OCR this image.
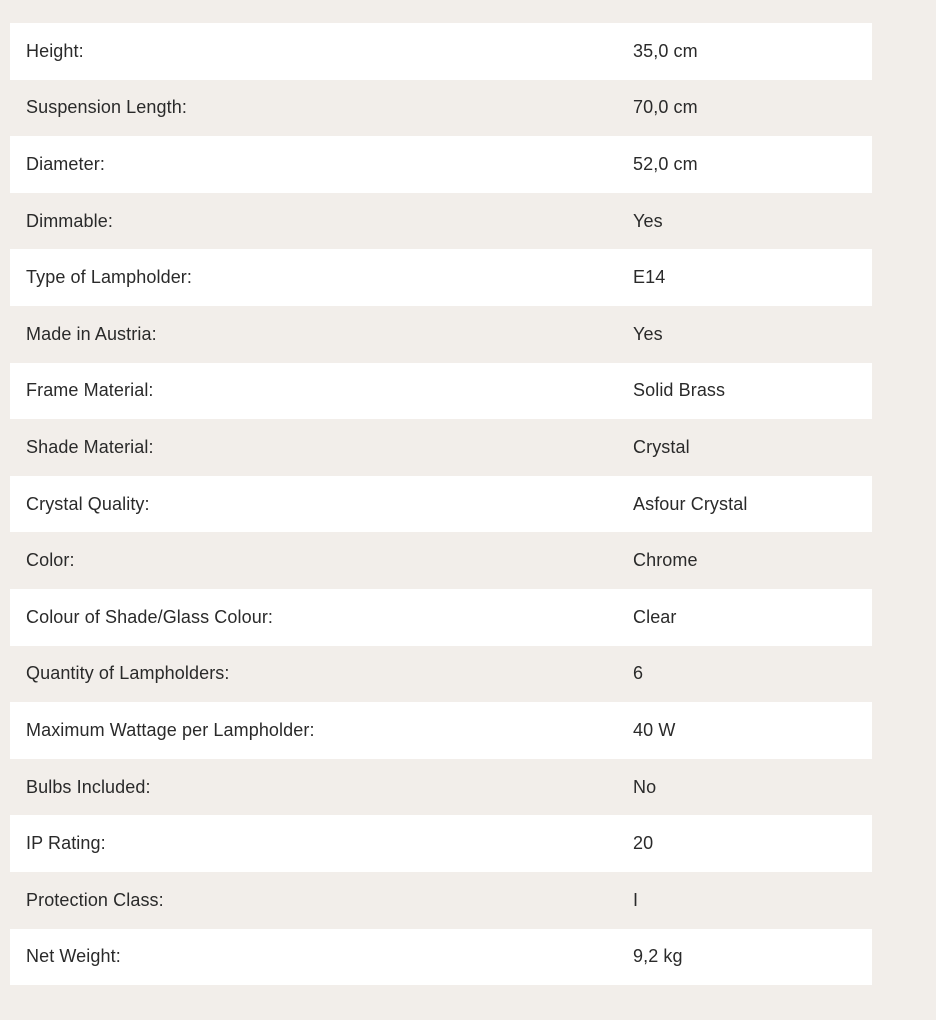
Height:	35,0 cm
Suspension Length:	70,0 cm
Diameter:	52,0 cm
Dimmable:	Yes
Type of Lampholder:	E14
Made in Austria:	Yes
Frame Material:	Solid Brass
Shade Material:	Crystal
Crystal Quality:	Asfour Crystal
Color:	Chrome
Colour of Shade/Glass Colour:	Clear
Quantity of Lampholders:	6
Maximum Wattage per Lampholder:	40 W
Bulbs Included:	No
IP Rating:	20
Protection Class:	I
Net Weight:	9,2 kg
